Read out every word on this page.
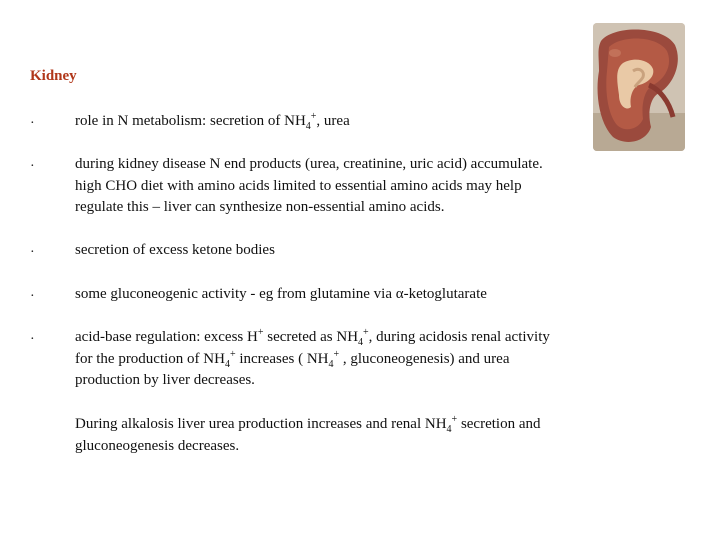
Kidney
·	role in N metabolism: secretion of $NH_4^+$, urea
·	during kidney disease N end products (urea, creatinine, uric acid) accumulate.
high CHO diet with amino acids limited to essential amino acids may help
regulate this – liver can synthesize non-essential amino acids.
·	secretion of excess ketone bodies
·	some gluconeogenic activity - eg from glutamine via α-ketoglutarate
·	acid-base regulation: excess H+ secreted as $NH_4^+$, during acidosis renal activity
for the production of $NH_4^+$ increases ( $NH_4^+$ , gluconeogenesis) and urea
production by liver decreases.
During alkalosis liver urea production increases and renal $NH_4^+$ secretion and
gluconeogenesis decreases.
